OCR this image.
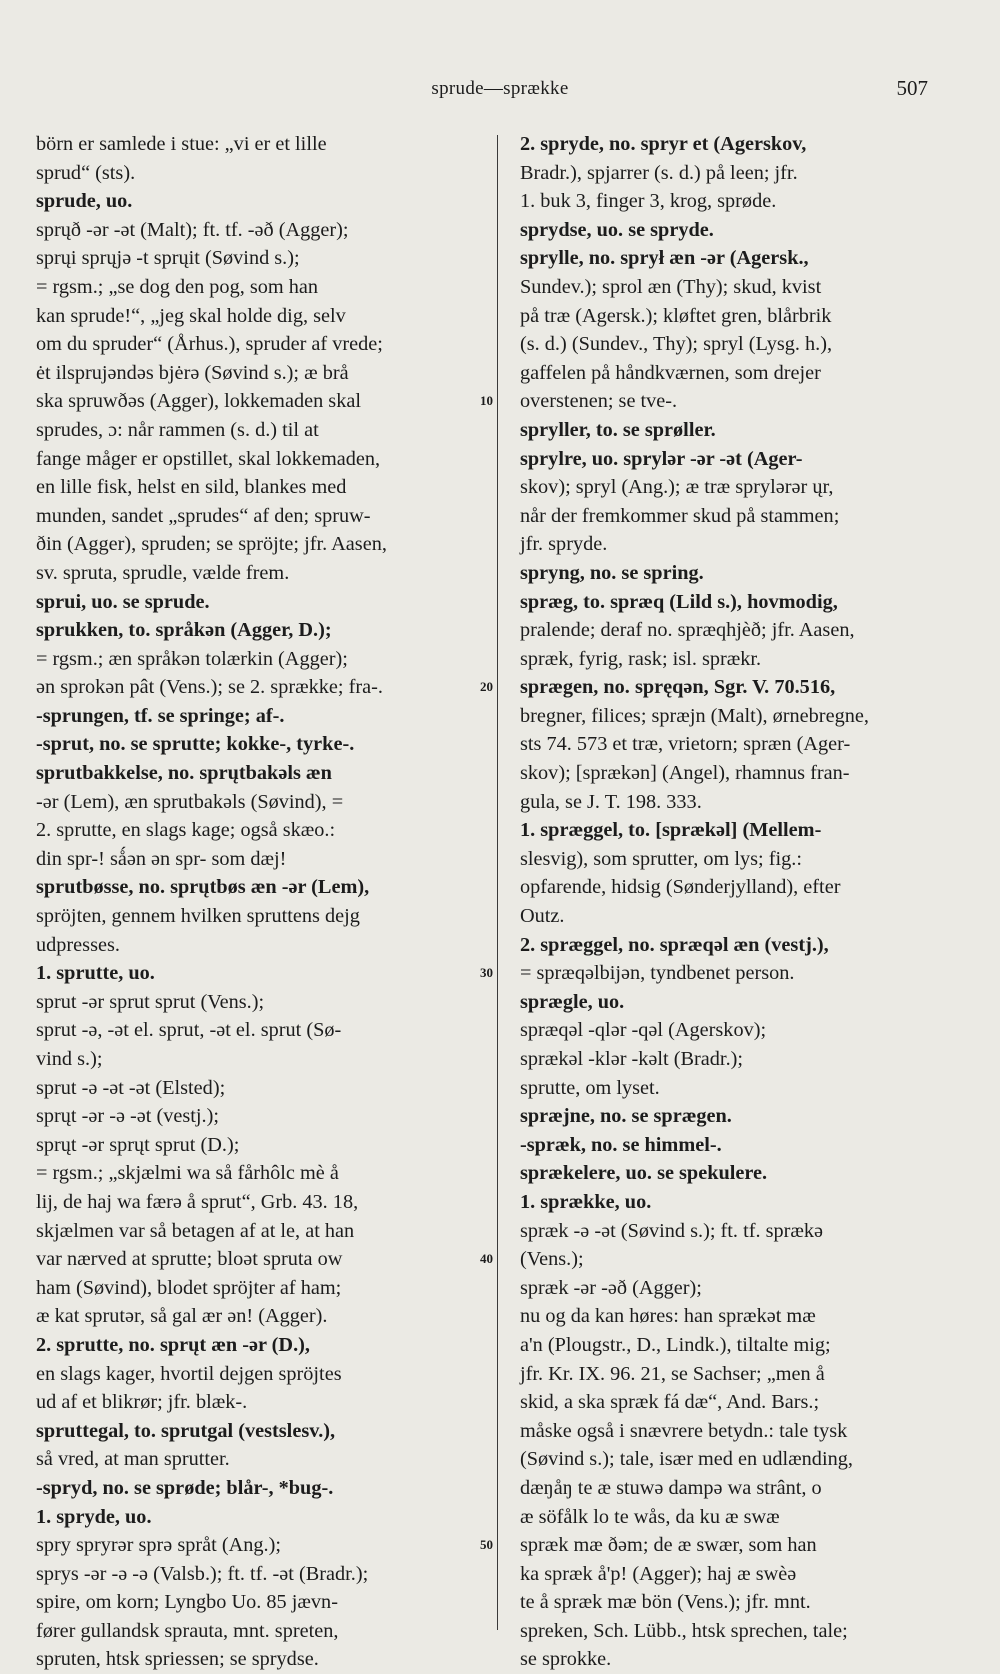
sprude—sprække	507
börn er samlede i stue: „vi er et lille
sprud“ (sts).
sprude, uo.
sprųð -ər -ət (Malt); ft. tf. -əð (Agger);
sprųi sprųjə -t sprųit (Søvind s.);
= rgsm.; „se dog den pog, som han
kan sprude!“, „jeg skal holde dig, selv
om du spruder“ (Århus.), spruder af vrede;
ėt ilsprujəndəs bjėrə (Søvind s.); æ brå
ska spruwðəs (Agger), lokkemaden skal
sprudes, ɔ: når rammen (s. d.) til at
fange måger er opstillet, skal lokkemaden,
en lille fisk, helst en sild, blankes med
munden, sandet „sprudes“ af den; spruw-
ðin (Agger), spruden; se spröjte; jfr. Aasen,
sv. spruta, sprudle, vælde frem.
sprui, uo. se sprude.
sprukken, to. språkən (Agger, D.);
= rgsm.; æn språkən tolærkin (Agger);
ən sprokən pât (Vens.); se 2. sprække; fra-.
-sprungen, tf. se springe; af-.
-sprut, no. se sprutte; kokke-, tyrke-.
sprutbakkelse, no. sprųtbakəls æn
-ər (Lem), æn sprutbakəls (Søvind), =
2. sprutte, en slags kage; også skæo.:
din spr-! sǻən ən spr- som dæj!
sprutbøsse, no. sprųtbøs æn -ər (Lem),
spröjten, gennem hvilken spruttens dejg
udpresses.
1. sprutte, uo.
sprut -ər sprut sprut (Vens.);
sprut -ə, -ət el. sprut, -ət el. sprut (Sø-
vind s.);
sprut -ə -ət -ət (Elsted);
sprųt -ər -ə -ət (vestj.);
sprųt -ər sprųt sprut (D.);
= rgsm.; „skjælmi wa så fårhôlc mè å
lij, de haj wa færə å sprut“, Grb. 43. 18,
skjælmen var så betagen af at le, at han
var nærved at sprutte; bloət spruta ow
ham (Søvind), blodet spröjter af ham;
æ kat sprutər, så gal ær ən! (Agger).
2. sprutte, no. sprųt æn -ər (D.),
en slags kager, hvortil dejgen spröjtes
ud af et blikrør; jfr. blæk-.
spruttegal, to. sprutgal (vestslesv.),
så vred, at man sprutter.
-spryd, no. se sprøde; blår-, *bug-.
1. spryde, uo.
spry spryrər sprə språt (Ang.);
sprys -ər -ə -ə (Valsb.); ft. tf. -ət (Bradr.);
spire, om korn; Lyngbo Uo. 85 jævn-
fører gullandsk sprauta, mnt. spreten,
spruten, htsk spriessen; se sprydse.
2. spryde, no. spryr et (Agerskov,
Bradr.), spjarrer (s. d.) på leen; jfr.
1. buk 3, finger 3, krog, sprøde.
sprydse, uo. se spryde.
sprylle, no. sprył æn -ər (Agersk.,
Sundev.); sprol æn (Thy); skud, kvist
på træ (Agersk.); kløftet gren, blårbrik
(s. d.) (Sundev., Thy); spryl (Lysg. h.),
gaffelen på håndkværnen, som drejer
overstenen; se tve-.
spryller, to. se sprøller.
sprylre, uo. sprylər -ər -ət (Ager-
skov); spryl (Ang.); æ træ sprylərər ųr,
når der fremkommer skud på stammen;
jfr. spryde.
spryng, no. se spring.
spræg, to. spræq (Lild s.), hovmodig,
pralende; deraf no. spræqhjèð; jfr. Aasen,
spræk, fyrig, rask; isl. sprækr.
sprægen, no. spręqən, Sgr. V. 70.516,
bregner, filices; spræjn (Malt), ørnebregne,
sts 74. 573 et træ, vrietorn; spræn (Ager-
skov); [sprækən] (Angel), rhamnus fran-
gula, se J. T. 198. 333.
1. spræggel, to. [sprækəl] (Mellem-
slesvig), som sprutter, om lys; fig.:
opfarende, hidsig (Sønderjylland), efter
Outz.
2. spræggel, no. spræqəl æn (vestj.),
= spræqəlbijən, tyndbenet person.
sprægle, uo.
spræqəl -qlər -qəl (Agerskov);
sprækəl -klər -kəlt (Bradr.);
sprutte, om lyset.
spræjne, no. se sprægen.
-spræk, no. se himmel-.
sprækelere, uo. se spekulere.
1. sprække, uo.
spræk -ə -ət (Søvind s.); ft. tf. sprækə
(Vens.);
spræk -ər -əð (Agger);
nu og da kan høres: han sprækət mæ
a'n (Plougstr., D., Lindk.), tiltalte mig;
jfr. Kr. IX. 96. 21, se Sachser; „men å
skid, a ska spræk fá dæ“, And. Bars.;
måske også i snævrere betydn.: tale tysk
(Søvind s.); tale, især med en udlænding,
dæŋåŋ te æ stuwə dampə wa strânt, o
æ söfålk lo te wås, da ku æ swæ
spræk mæ ðəm; de æ swær, som han
ka spræk å'p! (Agger); haj æ swèə
te å spræk mæ bön (Vens.); jfr. mnt.
spreken, Sch. Lübb., htsk sprechen, tale;
se sprokke.
10
20
30
40
50
